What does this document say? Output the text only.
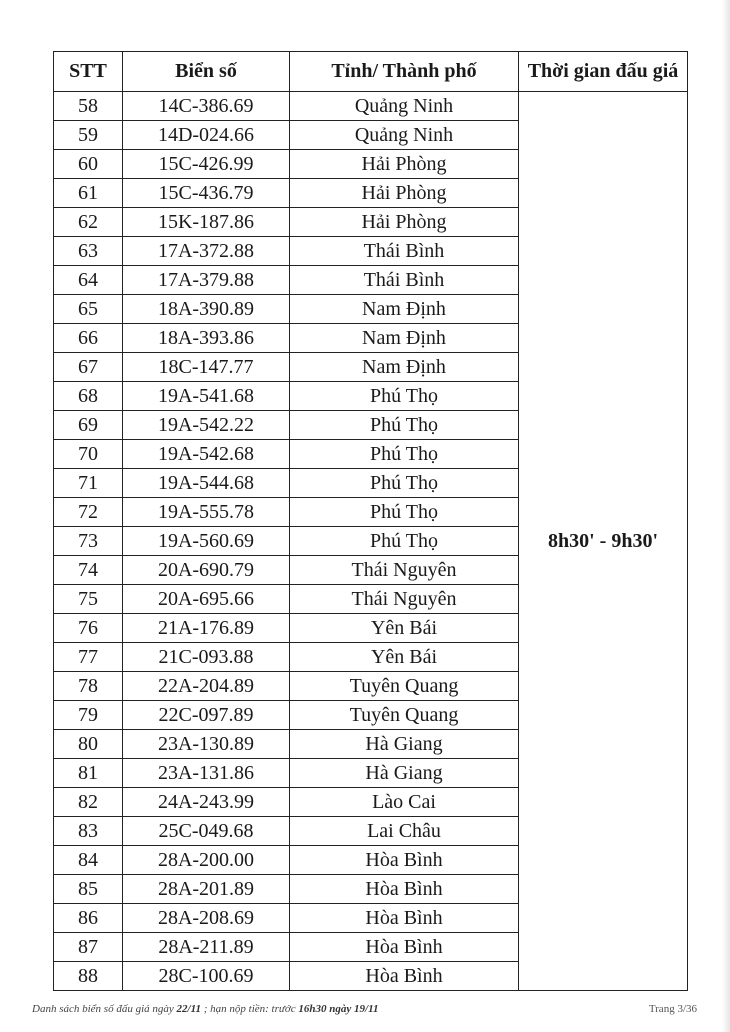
STT	Biển số	Tỉnh/ Thành phố	Thời gian đấu giá
58	14C-386.69	Quảng Ninh	8h30' - 9h30'
59	14D-024.66	Quảng Ninh	
60	15C-426.99	Hải Phòng	
61	15C-436.79	Hải Phòng	
62	15K-187.86	Hải Phòng	
63	17A-372.88	Thái Bình	
64	17A-379.88	Thái Bình	
65	18A-390.89	Nam Định	
66	18A-393.86	Nam Định	
67	18C-147.77	Nam Định	
68	19A-541.68	Phú Thọ	
69	19A-542.22	Phú Thọ	
70	19A-542.68	Phú Thọ	
71	19A-544.68	Phú Thọ	
72	19A-555.78	Phú Thọ	
73	19A-560.69	Phú Thọ	
74	20A-690.79	Thái Nguyên	
75	20A-695.66	Thái Nguyên	
76	21A-176.89	Yên Bái	
77	21C-093.88	Yên Bái	
78	22A-204.89	Tuyên Quang	
79	22C-097.89	Tuyên Quang	
80	23A-130.89	Hà Giang	
81	23A-131.86	Hà Giang	
82	24A-243.99	Lào Cai	
83	25C-049.68	Lai Châu	
84	28A-200.00	Hòa Bình	
85	28A-201.89	Hòa Bình	
86	28A-208.69	Hòa Bình	
87	28A-211.89	Hòa Bình	
88	28C-100.69	Hòa Bình	
Danh sách biển số đấu giá ngày 22/11 ; hạn nộp tiền: trước 16h30 ngày 19/11	Trang 3/36
